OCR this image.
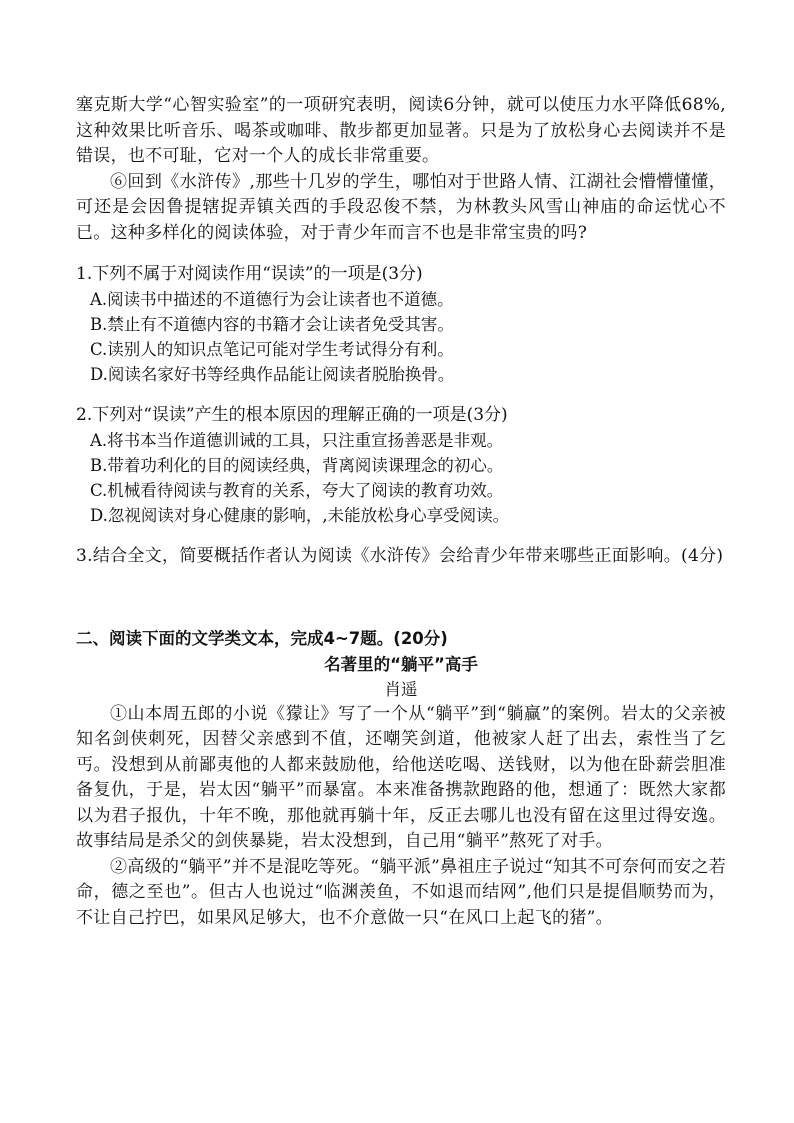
塞克斯大学“心智实验室”的一项研究表明，阅读6分钟，就可以使压力水平降低68%,这种效果比听音乐、喝茶或咖啡、散步都更加显著。只是为了放松身心去阅读并不是错误，也不可耻，它对一个人的成长非常重要。

⑥回到《水浒传》,那些十几岁的学生，哪怕对于世路人情、江湖社会懵懵懂懂，可还是会因鲁提辖捉弄镇关西的手段忍俊不禁，为林教头风雪山神庙的命运忧心不已。这种多样化的阅读体验，对于青少年而言不也是非常宝贵的吗?

1.下列不属于对阅读作用“误读”的一项是(3分)

A.阅读书中描述的不道德行为会让读者也不道德。

B.禁止有不道德内容的书籍才会让读者免受其害。

C.读别人的知识点笔记可能对学生考试得分有利。

D.阅读名家好书等经典作品能让阅读者脱胎换骨。

2.下列对“误读”产生的根本原因的理解正确的一项是(3分)

A.将书本当作道德训诫的工具，只注重宣扬善恶是非观。

B.带着功利化的目的阅读经典，背离阅读课理念的初心。

C.机械看待阅读与教育的关系，夸大了阅读的教育功效。

D.忽视阅读对身心健康的影响，,未能放松身心享受阅读。

3.结合全文，简要概括作者认为阅读《水浒传》会给青少年带来哪些正面影响。(4分)

二、阅读下面的文学类文本，完成4~7题。(20分)

名著里的“躺平”高手

肖遥

①山本周五郎的小说《獴让》写了一个从“躺平”到“躺赢”的案例。岩太的父亲被知名剑侠刺死，因替父亲感到不值，还嘲笑剑道，他被家人赶了出去，索性当了乞丐。没想到从前鄙夷他的人都来鼓励他，给他送吃喝、送钱财，以为他在卧薪尝胆准备复仇，于是，岩太因“躺平”而暴富。本来准备携款跑路的他，想通了：既然大家都以为君子报仇，十年不晚，那他就再躺十年，反正去哪儿也没有留在这里过得安逸。故事结局是杀父的剑侠暴毙，岩太没想到，自己用“躺平”熬死了对手。

②高级的“躺平”并不是混吃等死。“躺平派”鼻祖庄子说过“知其不可奈何而安之若命，德之至也”。但古人也说过“临渊羡鱼，不如退而结网”,他们只是提倡顺势而为，不让自己拧巴，如果风足够大，也不介意做一只“在风口上起飞的猪”。
